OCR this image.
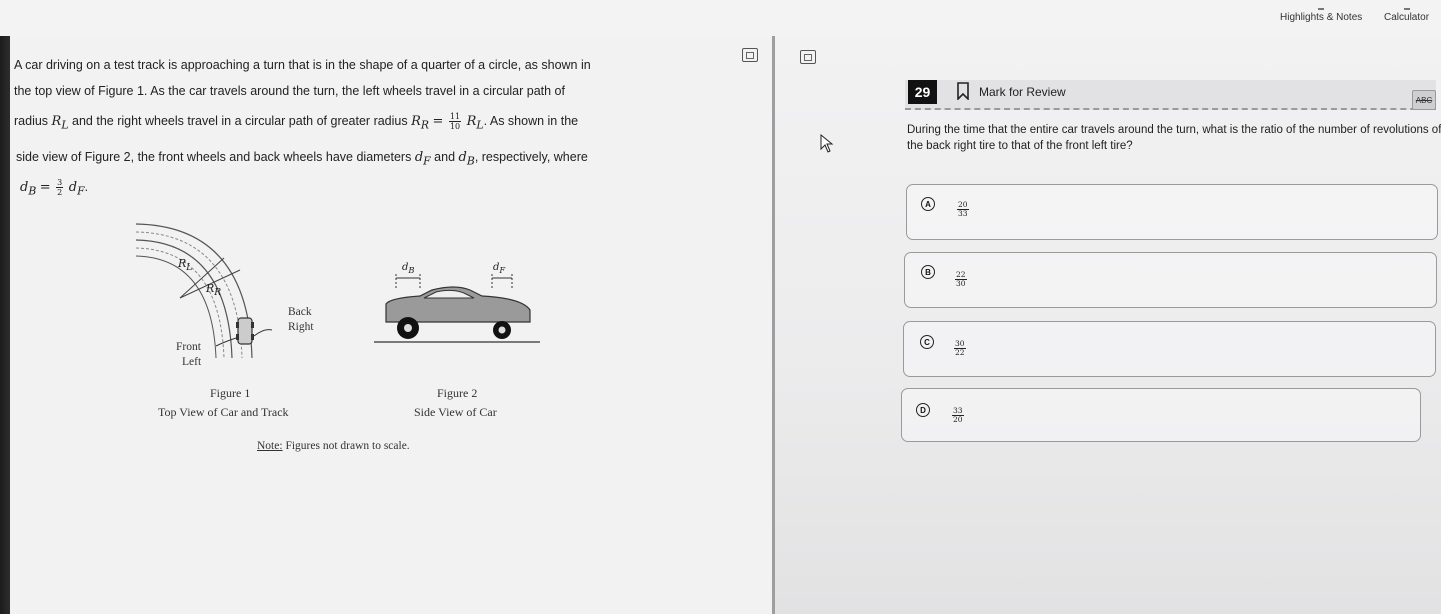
Highlights & Notes Calculator
A car driving on a test track is approaching a turn that is in the shape of a quarter of a circle, as shown in
the top view of Figure 1. As the car travels around the turn, the left wheels travel in a circular path of
radius $R_L$ and the right wheels travel in a circular path of greater radius $R_R = \frac{11}{10} R_L$. As shown in the
side view of Figure 2, the front wheels and back wheels have diameters $d_F$ and $d_B$, respectively, where
$d_B = \frac{3}{2} d_F$.
$R_L$
$R_R$
Back
Right
Front
Left
$d_B$	$d_F$
Figure 1
Top View of Car and Track
Figure 2
Side View of Car
Note: Figures not drawn to scale.
29	Mark for Review
ABC
During the time that the entire car travels around the turn, what is the ratio of the number of revolutions of
the back right tire to that of the front left tire?
A	$\frac{20}{33}$
B	$\frac{22}{30}$
C	$\frac{30}{22}$
D	$\frac{33}{20}$
